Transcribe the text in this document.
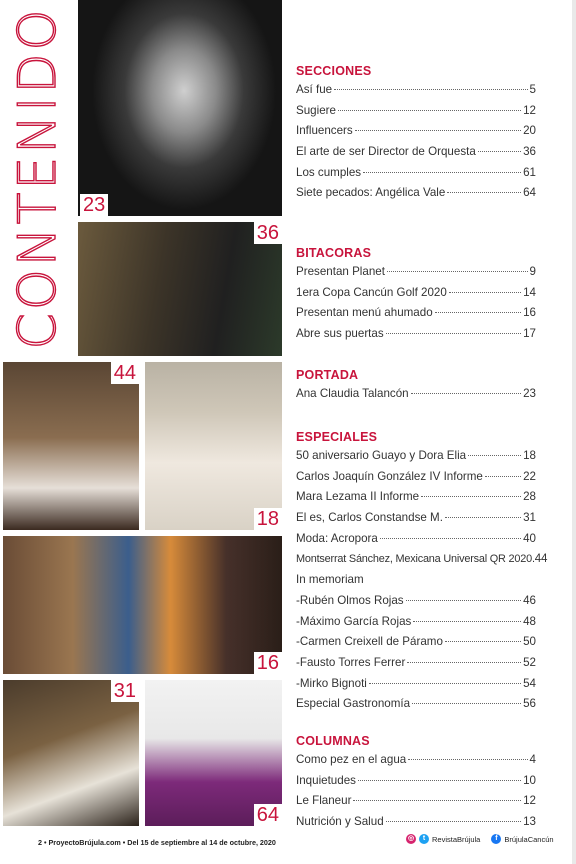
CONTENIDO 23
36
44
18
16
31
64
SECCIONES
Así fue	5
Sugiere	12
Influencers	20
El arte de ser Director de Orquesta	36
Los cumples	61
Siete pecados: Angélica Vale	64
BITACORAS
Presentan Planet	9
1era Copa Cancún Golf 2020	14
Presentan menú ahumado	16
Abre sus puertas	17
PORTADA
Ana Claudia Talancón	23
ESPECIALES
50 aniversario Guayo y Dora Elia	18
Carlos Joaquín González IV Informe	22
Mara Lezama II Informe	28
El es, Carlos Constandse M.	31
Moda: Acropora	40
Montserrat Sánchez, Mexicana Universal QR 2020. 44
In memoriam
-Rubén Olmos Rojas	46
-Máximo García Rojas	48
-Carmen Creixell de Páramo	50
-Fausto Torres Ferrer	52
-Mirko Bignoti	54
Especial Gastronomía	56
COLUMNAS
Como pez en el agua	4
Inquietudes	10
Le Flaneur	12
Nutrición y Salud	13
2 • ProyectoBrújula.com • Del 15 de septiembre al 14 de octubre, 2020	◎	t RevistaBrújula	f BrújulaCancún
